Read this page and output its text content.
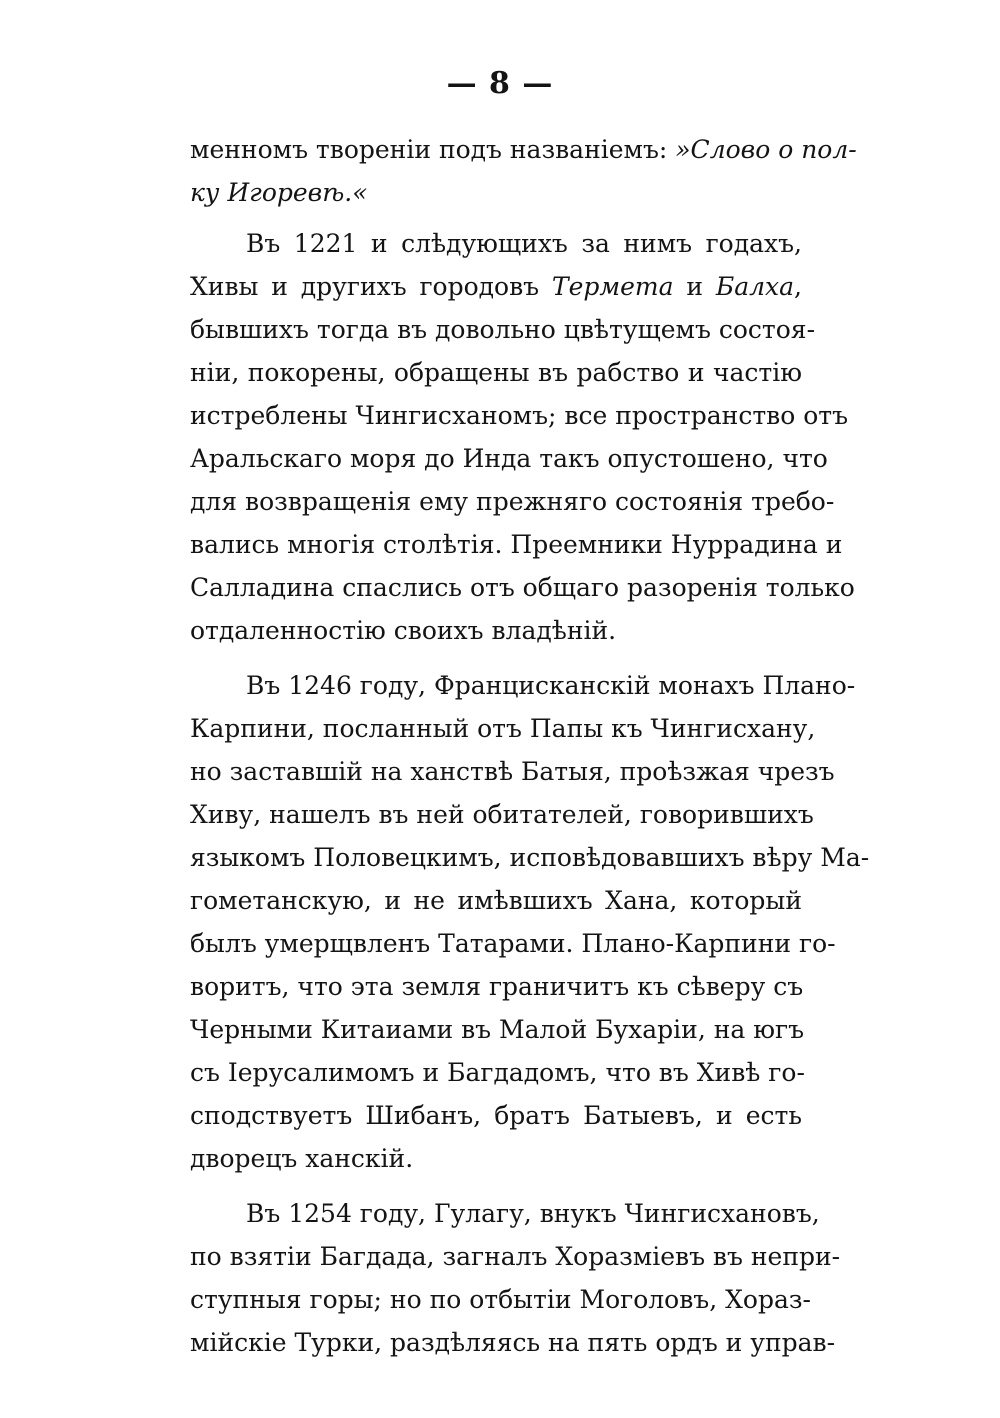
— 8 —
менномъ твореніи подъ названіемъ: »Слово о пол-
ку Игоревѣ.«
Въ 1221 и слѣдующихъ за нимъ годахъ,
Хивы и другихъ городовъ Термета и Балха,
бывшихъ тогда въ довольно цвѣтущемъ состоя-
ніи, покорены, обращены въ рабство и частію
истреблены Чингисханомъ; все пространство отъ
Аральскаго моря до Инда такъ опустошено, что
для возвращенія ему прежняго состоянія требо-
вались многія столѣтія. Преемники Нуррадина и
Салладина спаслись отъ общаго разоренія только
отдаленностію своихъ владѣній.
Въ 1246 году, Францисканскій монахъ Плано-
Карпини, посланный отъ Папы къ Чингисхану,
но заставшій на ханствѣ Батыя, проѣзжая чрезъ
Хиву, нашелъ въ ней обитателей, говорившихъ
языкомъ Половецкимъ, исповѣдовавшихъ вѣру Ма-
гометанскую, и не имѣвшихъ Хана, который
былъ умерщвленъ Татарами. Плано-Карпини го-
воритъ, что эта земля граничитъ къ сѣверу съ
Черными Китаиами въ Малой Бухаріи, на югъ
съ Іерусалимомъ и Багдадомъ, что въ Хивѣ го-
сподствуетъ Шибанъ, братъ Батыевъ, и есть
дворецъ ханскій.
Въ 1254 году, Гулагу, внукъ Чингисхановъ,
по взятіи Багдада, загналъ Хоразміевъ въ непри-
ступныя горы; но по отбытіи Моголовъ, Хораз-
мійскіе Турки, раздѣляясь на пять ордъ и управ-
